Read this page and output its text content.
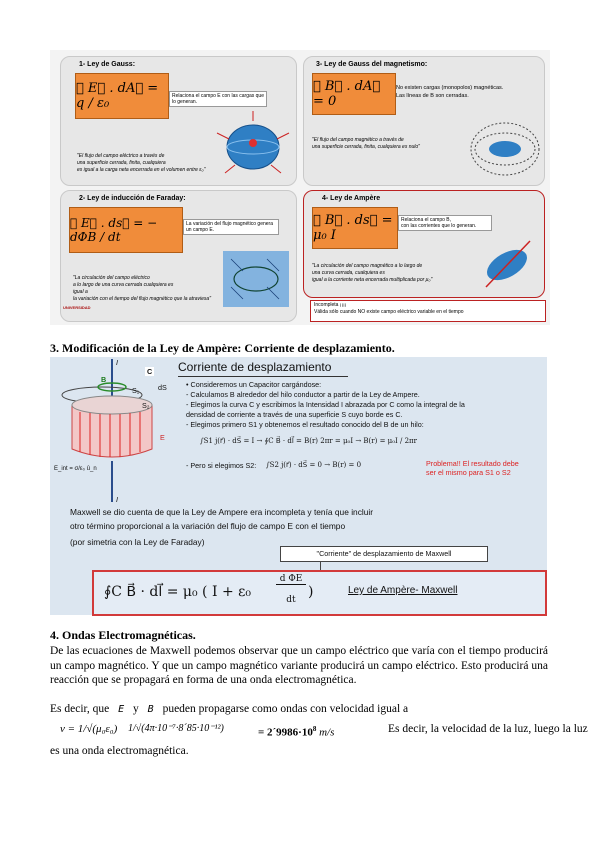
1- Ley de Gauss:
∮ E⃗ . dA⃗ = q / ε₀	Relaciona el campo E con las cargas que lo generan.
"El flujo del campo eléctrico a través de
una superficie cerrada, finita, cualquiera
es igual a la carga neta encerrada en el volumen entre ε₀"
3- Ley de Gauss del magnetismo:
∮ B⃗ . dA⃗ = 0
No existen cargas (monopolos) magnéticas.
Las líneas de B son cerradas.
"El flujo del campo magnético a través de
una superficie cerrada, finita, cualquiera es nulo"
2- Ley de inducción de Faraday:
∮ E⃗ . ds⃗ = − dΦB / dt
La variación del flujo magnético genera un campo E.
"La circulación del campo eléctrico
a lo largo de una curva cerrada cualquiera es
igual a
la variación con el tiempo del flujo magnético que la atraviesa"
UNIVERSIDAD
4- Ley de Ampère
∮ B⃗ . ds⃗ = μ₀ I
Relaciona el campo B,
con las corrientes que lo generan.
"La circulación del campo magnético a lo largo de
una curva cerrada, cualquiera es
igual a la corriente neta encerrada multiplicada por μ₀"
Incompleta ¡¡¡¡
Válida sólo cuando NO existe campo eléctrico variable en el tiempo
3. Modificación de la Ley de Ampère: Corriente de desplazamiento.
I
B
C
S₁
S₂
dS
E
I
E_int = σ/ε₀ û_n
Corriente de desplazamiento
• Consideremos un Capacitor cargándose:
- Calculamos B alrededor del hilo conductor a partir de la Ley de Ampere.
- Elegimos la curva C y escribimos la Intensidad I abrazada por C como la integral de la
densidad de corriente a través de una superficie S cuyo borde es C.
- Elegimos primero S1 y obtenemos el resultado conocido del B de un hilo:
∫S1 j(r⃗) · dS⃗ = I → ∮C B⃗ · dl⃗ = B(r) 2πr = μ₀I → B(r) = μ₀I / 2πr
- Pero si elegimos S2: ∫S2 j(r⃗) · dS⃗ = 0 → B(r) = 0	Problema!! El resultado debe
ser el mismo para S1 o S2
Maxwell se dio cuenta de que la Ley de Ampere era incompleta y tenía que incluir
otro término proporcional a la variación del flujo de campo E con el tiempo
(por simetria con la Ley de Faraday)
"Corriente" de desplazamiento de Maxwell
∮C B⃗ · dl⃗ = μ₀ ( I + ε₀
d ΦE
dt )	Ley de Ampère- Maxwell
4. Ondas Electromagnéticas.
De las ecuaciones de Maxwell podemos observar que un campo eléctrico que varía con el tiempo producirá un campo magnético. Y que un campo magnético variante producirá un campo eléctrico. Esto producirá una reacción que se propagará en forma de una onda electromagnética.
Es decir, que E y B pueden propagarse como ondas con velocidad igual a
v = 1/√(μ₀ε₀) 1/√(4π·10⁻⁷·8´85·10⁻¹²)	= $2´9986\cdot 10^8$ m/s	Es decir, la velocidad de la luz, luego la luz
es una onda electromagnética.
